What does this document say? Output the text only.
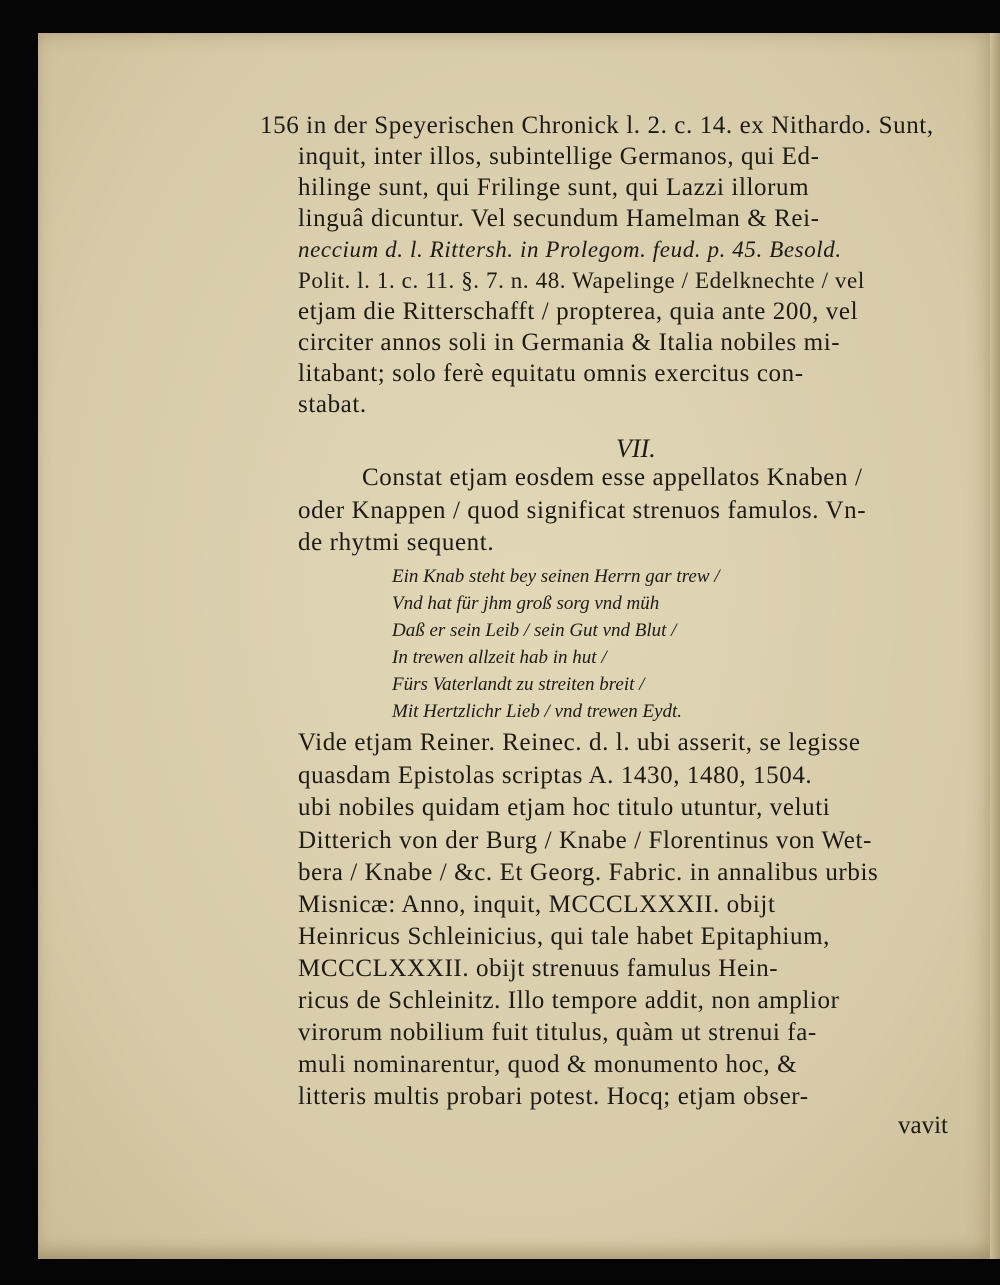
156 in der Speyerischen Chronick l. 2. c. 14. ex Nithardo. Sunt,
inquit, inter illos, subintellige Germanos, qui Ed-
hilinge sunt, qui Frilinge sunt, qui Lazzi illorum
linguâ dicuntur. Vel secundum Hamelman & Rei-
neccium d. l. Rittersh. in Prolegom. feud. p. 45. Besold.
Polit. l. 1. c. 11. §. 7. n. 48. Wapelinge / Edelknechte / vel
etjam die Ritterschafft / propterea, quia ante 200, vel
circiter annos soli in Germania & Italia nobiles mi-
litabant; solo ferè equitatu omnis exercitus con-
stabat.
VII.
Constat etjam eosdem esse appellatos Knaben /
oder Knappen / quod significat strenuos famulos. Vn-
de rhytmi sequent.
Ein Knab steht bey seinen Herrn gar trew /
Vnd hat für jhm groß sorg vnd müh
Daß er sein Leib / sein Gut vnd Blut /
In trewen allzeit hab in hut /
Fürs Vaterlandt zu streiten breit /
Mit Hertzlichr Lieb / vnd trewen Eydt.
Vide etjam Reiner. Reinec. d. l. ubi asserit, se legisse
quasdam Epistolas scriptas A. 1430, 1480, 1504.
ubi nobiles quidam etjam hoc titulo utuntur, veluti
Ditterich von der Burg / Knabe / Florentinus von Wet-
bera / Knabe / &c. Et Georg. Fabric. in annalibus urbis
Misnicæ: Anno, inquit, MCCCLXXXII. obijt
Heinricus Schleinicius, qui tale habet Epitaphium,
MCCCLXXXII. obijt strenuus famulus Hein-
ricus de Schleinitz. Illo tempore addit, non amplior
virorum nobilium fuit titulus, quàm ut strenui fa-
muli nominarentur, quod & monumento hoc, &
litteris multis probari potest. Hocq; etjam obser-
vavit
